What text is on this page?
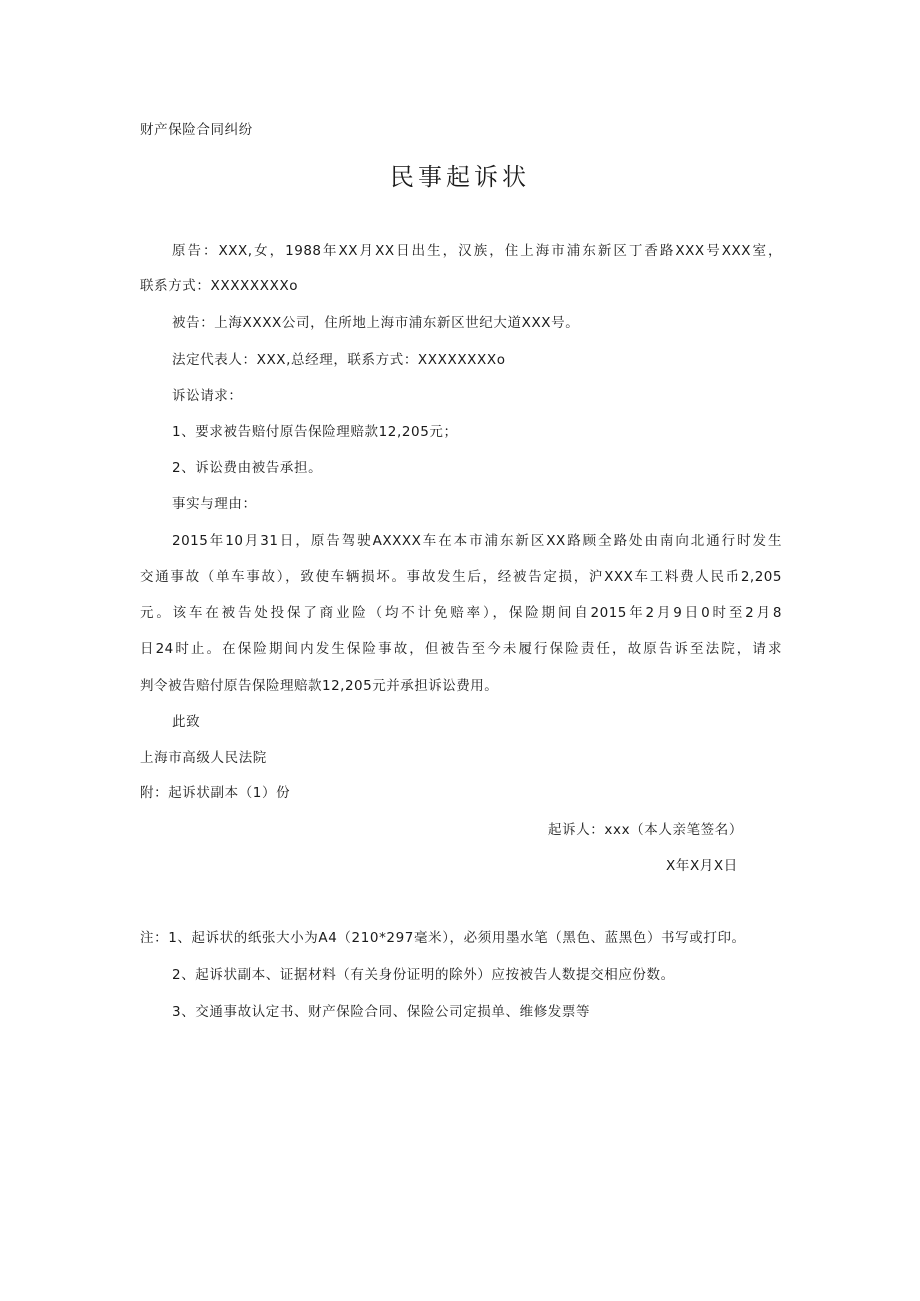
财产保险合同纠纷
民事起诉状
原告：XXX,女，1988年XX月XX日出生，汉族，住上海市浦东新区丁香路XXX号XXX室，
联系方式：XXXXXXXXo
被告：上海XXXX公司，住所地上海市浦东新区世纪大道XXX号。
法定代表人：XXX,总经理，联系方式：XXXXXXXXo
诉讼请求：
1、要求被告赔付原告保险理赔款12,205元；
2、诉讼费由被告承担。
事实与理由：
2015年10月31日，原告驾驶AXXXX车在本市浦东新区XX路顾全路处由南向北通行时发生
交通事故（单车事故），致使车辆损坏。事故发生后，经被告定损，沪XXX车工料费人民币2,205
元。该车在被告处投保了商业险（均不计免赔率），保险期间自2015年2月9日0时至2月8
日24时止。在保险期间内发生保险事故，但被告至今未履行保险责任，故原告诉至法院，请求
判令被告赔付原告保险理赔款12,205元并承担诉讼费用。
此致
上海市高级人民法院
附：起诉状副本（1）份
起诉人：xxx（本人亲笔签名）
X年X月X日
注：1、起诉状的纸张大小为A4（210*297毫米），必须用墨水笔（黑色、蓝黑色）书写或打印。
2、起诉状副本、证据材料（有关身份证明的除外）应按被告人数提交相应份数。
3、交通事故认定书、财产保险合同、保险公司定损单、维修发票等
